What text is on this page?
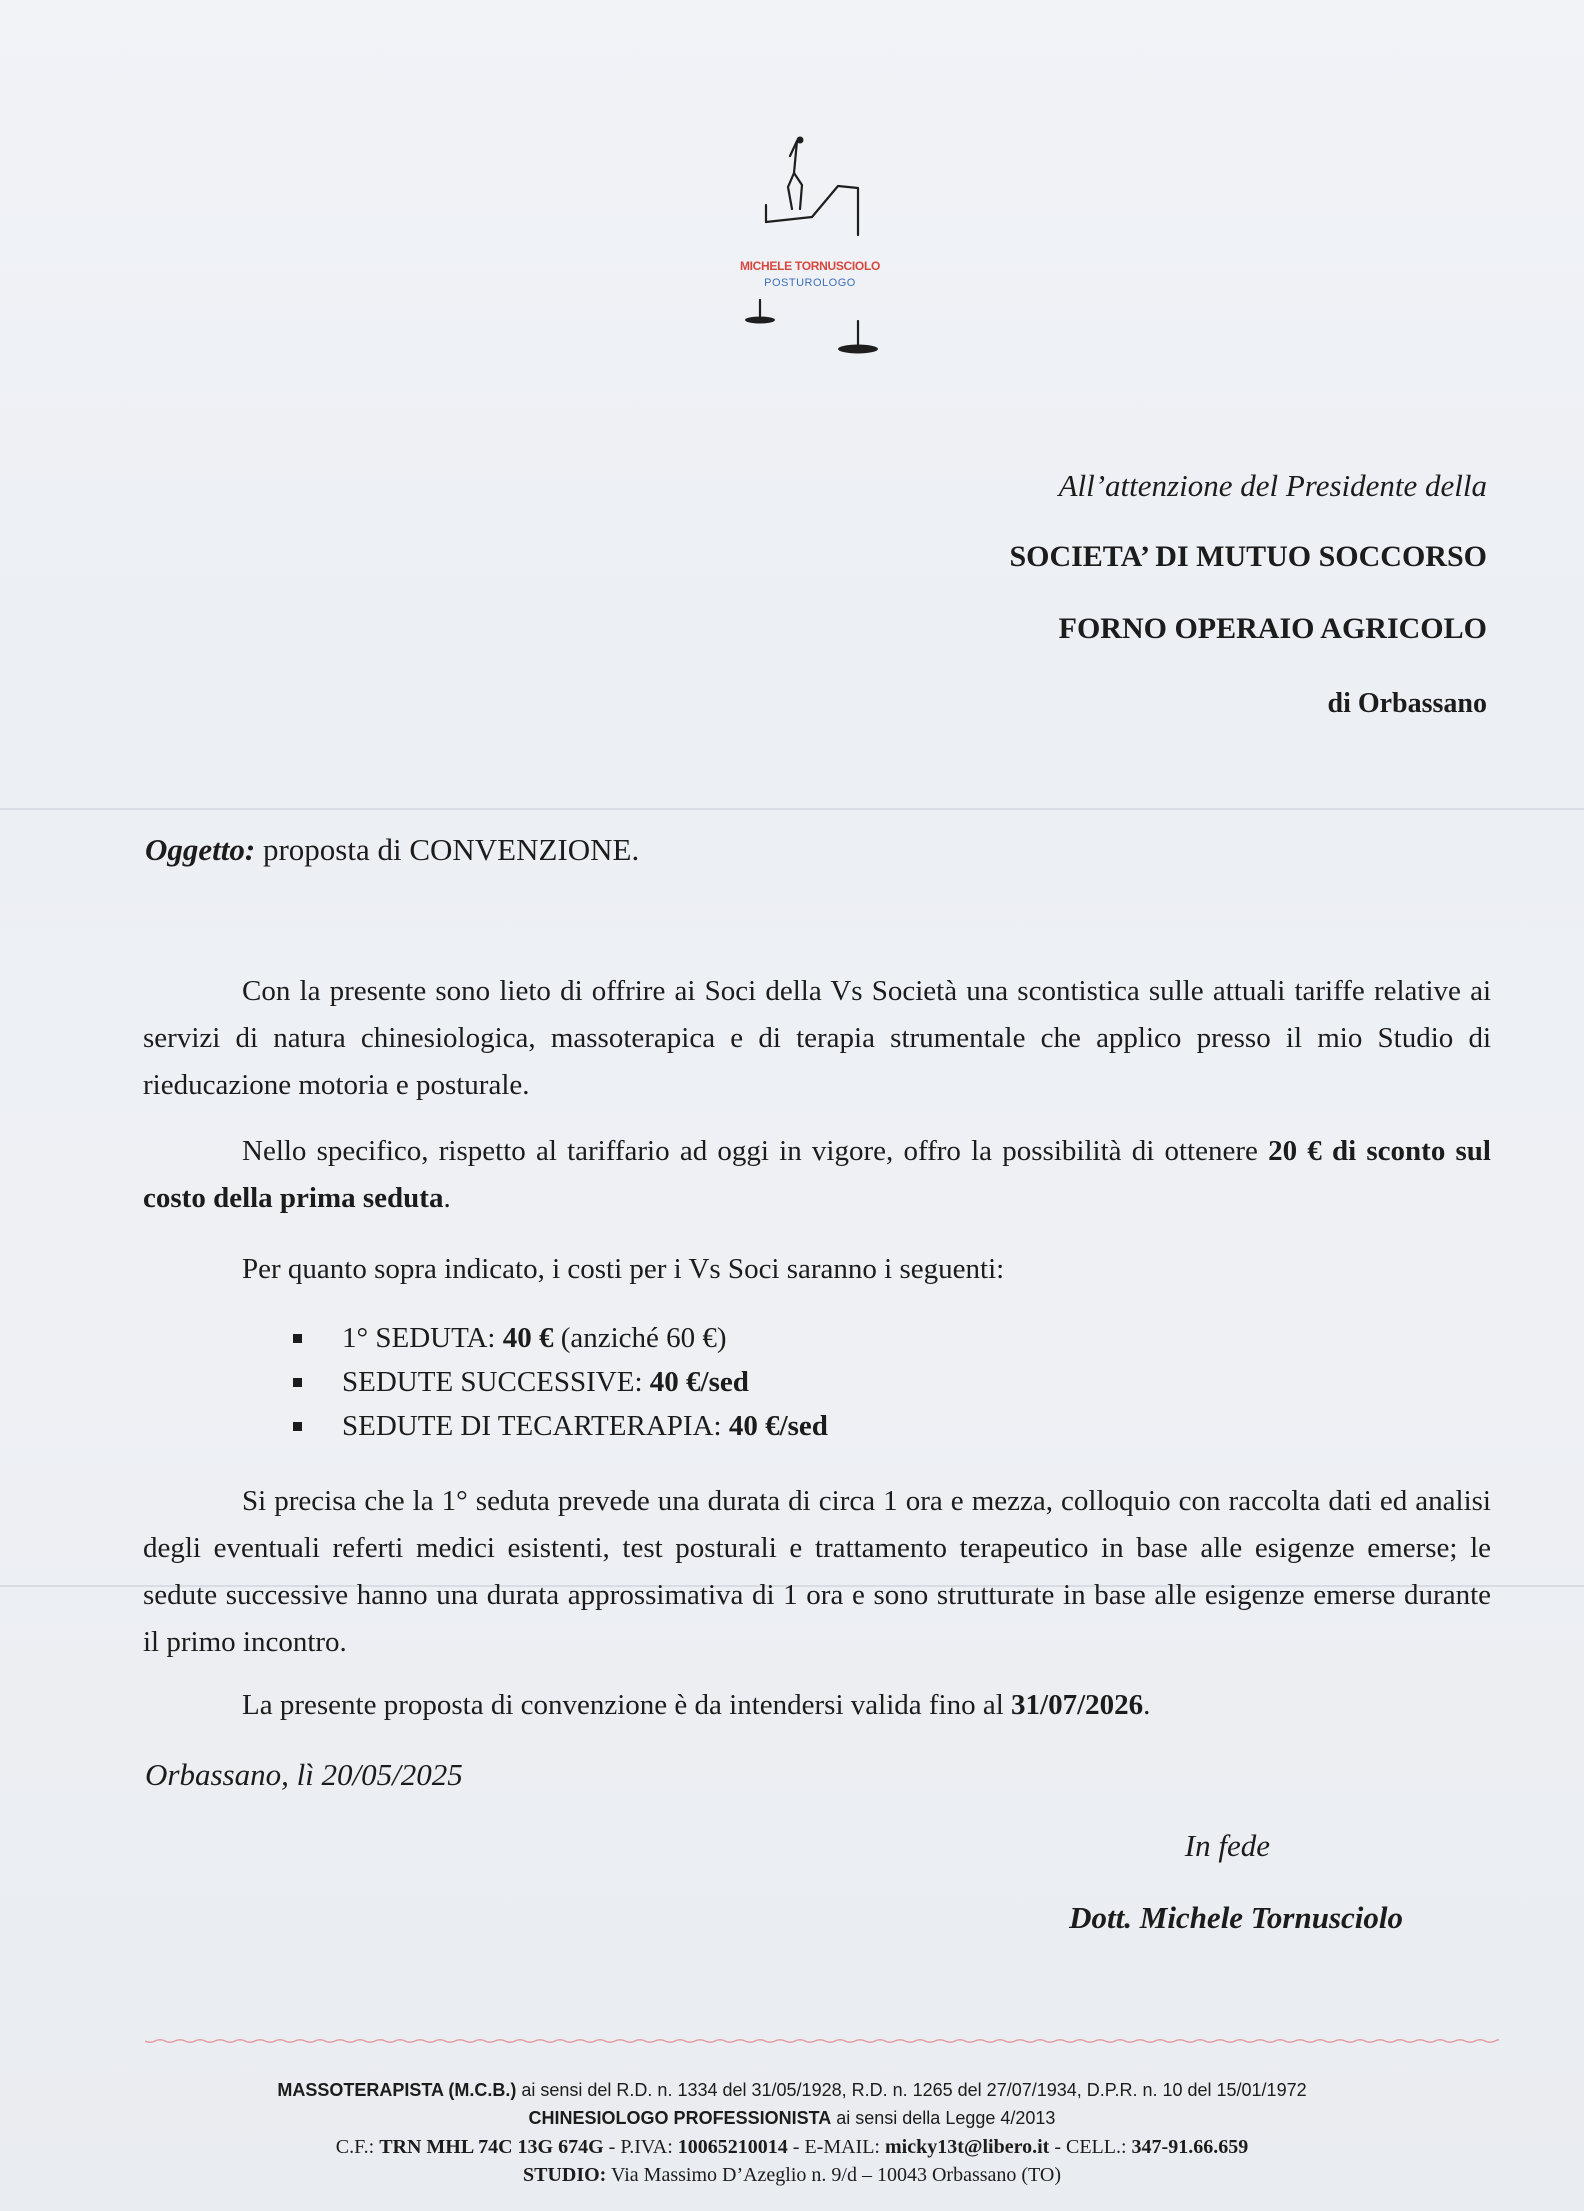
MICHELE TORNUSCIOLO
POSTUROLOGO
All’attenzione del Presidente della
SOCIETA’ DI MUTUO SOCCORSO
FORNO OPERAIO AGRICOLO
di Orbassano
Oggetto: proposta di CONVENZIONE.

Con la presente sono lieto di offrire ai Soci della Vs Società una scontistica sulle attuali tariffe relative ai servizi di natura chinesiologica, massoterapica e di terapia strumentale che applico presso il mio Studio di rieducazione motoria e posturale.

Nello specifico, rispetto al tariffario ad oggi in vigore, offro la possibilità di ottenere 20 € di sconto sul costo della prima seduta.

Per quanto sopra indicato, i costi per i Vs Soci saranno i seguenti:

1° SEDUTA: 40 € (anziché 60 €)
SEDUTE SUCCESSIVE: 40 €/sed
SEDUTE DI TECARTERAPIA: 40 €/sed

Si precisa che la 1° seduta prevede una durata di circa 1 ora e mezza, colloquio con raccolta dati ed analisi degli eventuali referti medici esistenti, test posturali e trattamento terapeutico in base alle esigenze emerse; le sedute successive hanno una durata approssimativa di 1 ora e sono strutturate in base alle esigenze emerse durante il primo incontro.

La presente proposta di convenzione è da intendersi valida fino al 31/07/2026.

Orbassano, lì 20/05/2025
In fede
Dott. Michele Tornusciolo
MASSOTERAPISTA (M.C.B.) ai sensi del R.D. n. 1334 del 31/05/1928, R.D. n. 1265 del 27/07/1934, D.P.R. n. 10 del 15/01/1972
CHINESIOLOGO PROFESSIONISTA ai sensi della Legge 4/2013
C.F.: TRN MHL 74C 13G 674G - P.IVA: 10065210014 - E-MAIL: micky13t@libero.it - CELL.: 347-91.66.659
STUDIO: Via Massimo D’Azeglio n. 9/d – 10043 Orbassano (TO)
